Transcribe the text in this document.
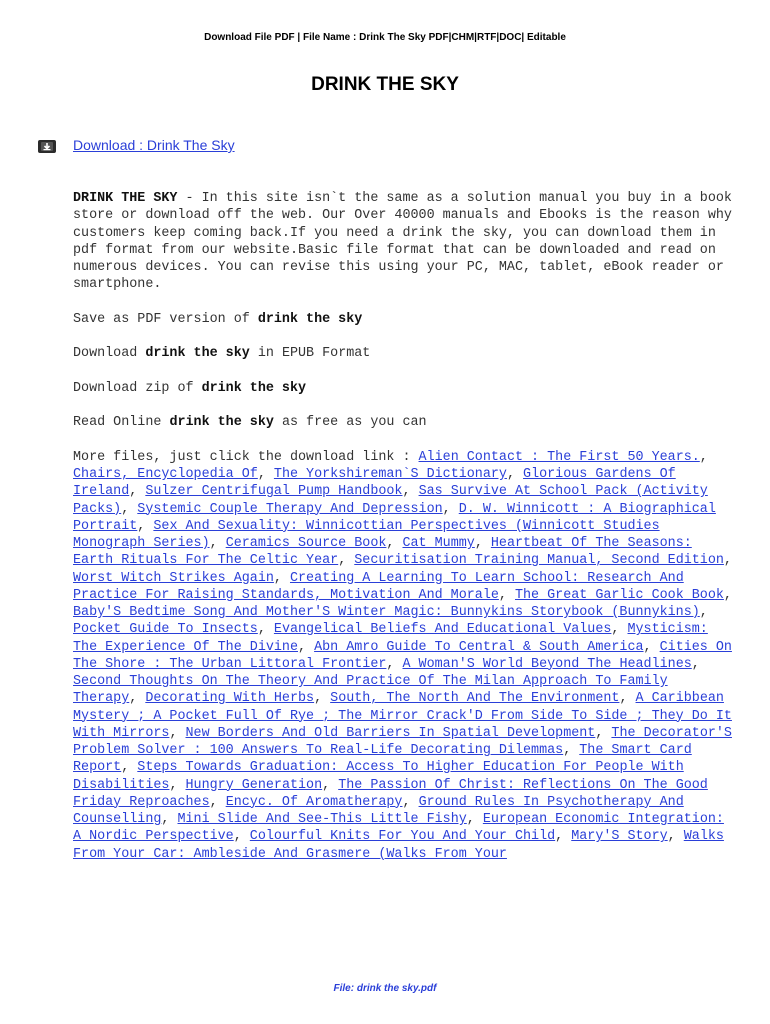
Download File PDF | File Name : Drink The Sky PDF|CHM|RTF|DOC| Editable
DRINK THE SKY
Download : Drink The Sky

DRINK THE SKY - In this site isn`t the same as a solution manual you buy in a book store or download off the web. Our Over 40000 manuals and Ebooks is the reason why customers keep coming back.If you need a drink the sky, you can download them in pdf format from our website.Basic file format that can be downloaded and read on numerous devices. You can revise this using your PC, MAC, tablet, eBook reader or smartphone.

Save as PDF version of drink the sky

Download drink the sky in EPUB Format

Download zip of drink the sky

Read Online drink the sky as free as you can

More files, just click the download link : Alien Contact : The First 50 Years., Chairs, Encyclopedia Of, The Yorkshireman`S Dictionary, Glorious Gardens Of Ireland, Sulzer Centrifugal Pump Handbook, Sas Survive At School Pack (Activity Packs), Systemic Couple Therapy And Depression, D. W. Winnicott : A Biographical Portrait, Sex And Sexuality: Winnicottian Perspectives (Winnicott Studies Monograph Series), Ceramics Source Book, Cat Mummy, Heartbeat Of The Seasons: Earth Rituals For The Celtic Year, Securitisation Training Manual, Second Edition, Worst Witch Strikes Again, Creating A Learning To Learn School: Research And Practice For Raising Standards, Motivation And Morale, The Great Garlic Cook Book, Baby'S Bedtime Song And Mother'S Winter Magic: Bunnykins Storybook (Bunnykins), Pocket Guide To Insects, Evangelical Beliefs And Educational Values, Mysticism: The Experience Of The Divine, Abn Amro Guide To Central & South America, Cities On The Shore : The Urban Littoral Frontier, A Woman'S World Beyond The Headlines, Second Thoughts On The Theory And Practice Of The Milan Approach To Family Therapy, Decorating With Herbs, South, The North And The Environment, A Caribbean Mystery ; A Pocket Full Of Rye ; The Mirror Crack'D From Side To Side ; They Do It With Mirrors, New Borders And Old Barriers In Spatial Development, The Decorator'S Problem Solver : 100 Answers To Real-Life Decorating Dilemmas, The Smart Card Report, Steps Towards Graduation: Access To Higher Education For People With Disabilities, Hungry Generation, The Passion Of Christ: Reflections On The Good Friday Reproaches, Encyc. Of Aromatherapy, Ground Rules In Psychotherapy And Counselling, Mini Slide And See-This Little Fishy, European Economic Integration: A Nordic Perspective, Colourful Knits For You And Your Child, Mary'S Story, Walks From Your Car: Ambleside And Grasmere (Walks From Your

File: drink the sky.pdf
